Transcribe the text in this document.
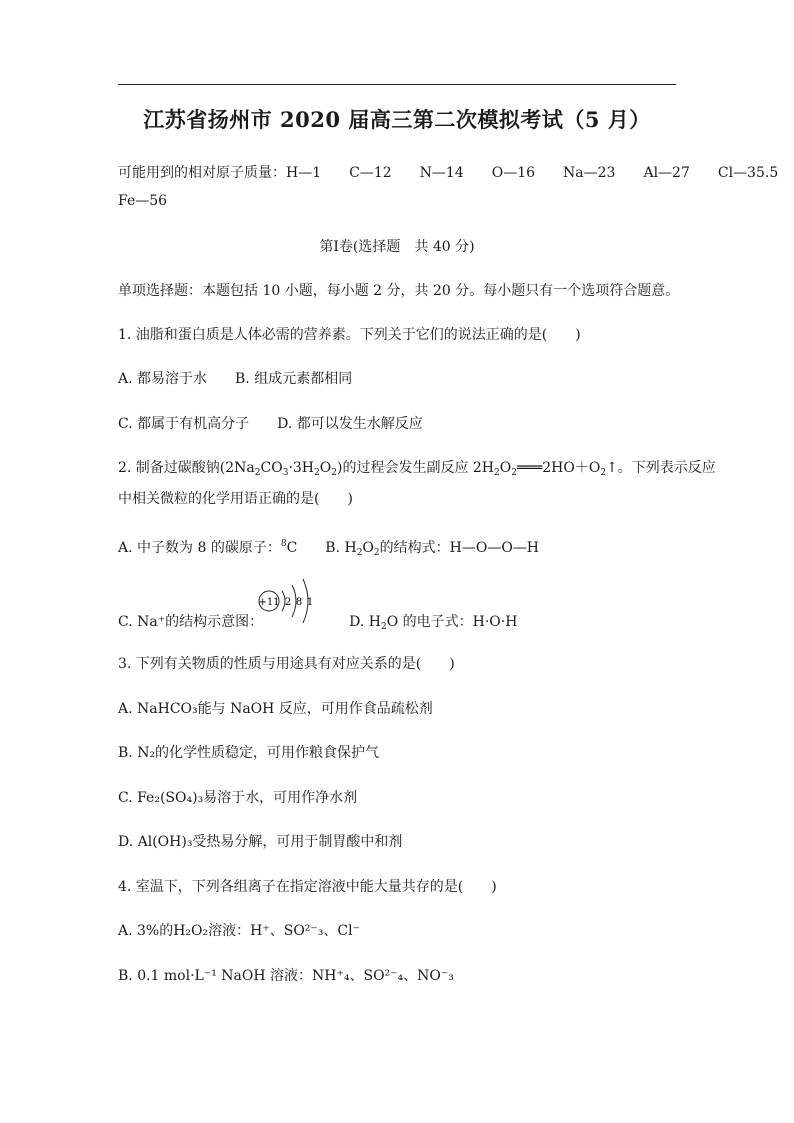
江苏省扬州市 2020 届高三第二次模拟考试（5 月）
可能用到的相对原子质量：H—1 C—12 N—14 O—16 Na—23 Al—27 Cl—35.5
Fe—56
第Ⅰ卷(选择题　共 40 分)
单项选择题：本题包括 10 小题，每小题 2 分，共 20 分。每小题只有一个选项符合题意。
1. 油脂和蛋白质是人体必需的营养素。下列关于它们的说法正确的是(　　)
A. 都易溶于水 B. 组成元素都相同
C. 都属于有机高分子 D. 都可以发生水解反应
2. 制备过碳酸钠$(2Na_2CO_3\cdot 3H_2O_2)$的过程会发生副反应 $2H_2O_2═══2HO+O_2↑$。下列表示反应
中相关微粒的化学用语正确的是(　　)
A. 中子数为 8 的碳原子：$^8$C B. $H_2O_2$的结构式：H—O—O—H
C. Na⁺的结构示意图：	D. $H_2O$ 的电子式：H·O·H
+11 2 8 1
3. 下列有关物质的性质与用途具有对应关系的是(　　)
A. NaHCO₃能与 NaOH 反应，可用作食品疏松剂
B. N₂的化学性质稳定，可用作粮食保护气
C. Fe₂(SO₄)₃易溶于水，可用作净水剂
D. Al(OH)₃受热易分解，可用于制胃酸中和剂
4. 室温下，下列各组离子在指定溶液中能大量共存的是(　　)
A. 3%的H₂O₂溶液：H⁺、SO²⁻₃、Cl⁻
B. 0.1 mol·L⁻¹ NaOH 溶液：NH⁺₄、SO²⁻₄、NO⁻₃
